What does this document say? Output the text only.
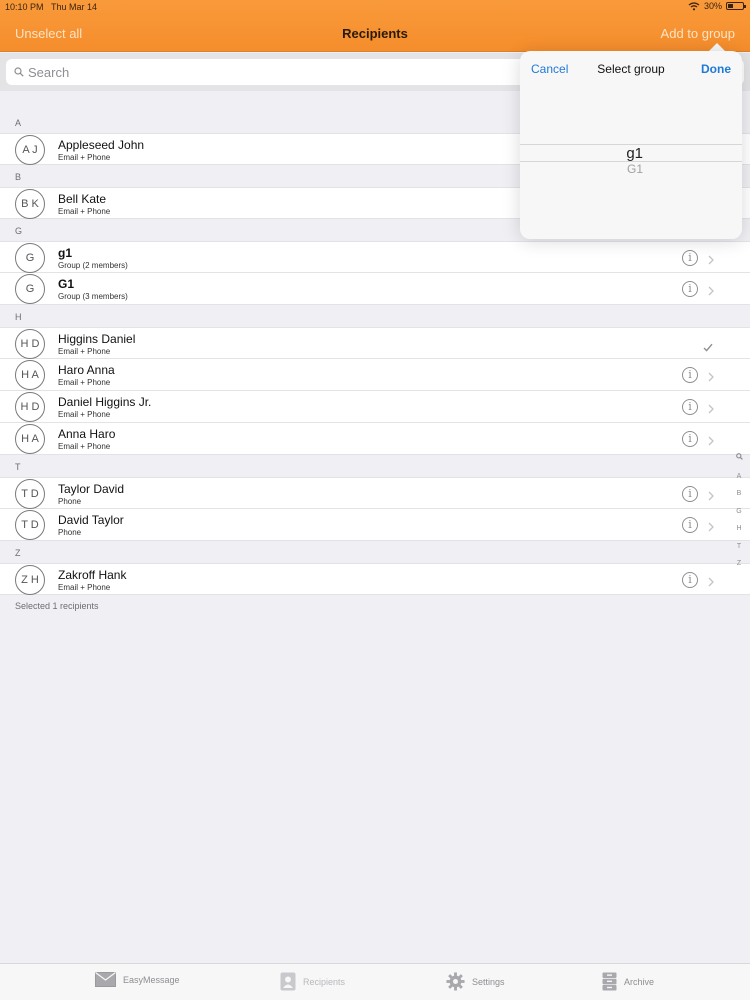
10:10 PM Thu Mar 14	30%
Unselect all	Recipients	Add to group
Search
A
A J	Appleseed John
Email + Phone
B
B K	Bell Kate
Email + Phone
G
G	g1
Group (2 members)
i
G	G1
Group (3 members)
i
H
H D	Higgins Daniel
Email + Phone
H A	Haro Anna
Email + Phone
i
H D	Daniel Higgins Jr.
Email + Phone
i
H A	Anna Haro
Email + Phone
i
T
T D	Taylor David
Phone
i
T D	David Taylor
Phone
i
Z
Z H	Zakroff Hank
Email + Phone
i
Selected 1 recipients
A
B
G
H
T
Z
Cancel	Select group	Done
g1
G1
EasyMessage	Recipients	Settings	Archive
